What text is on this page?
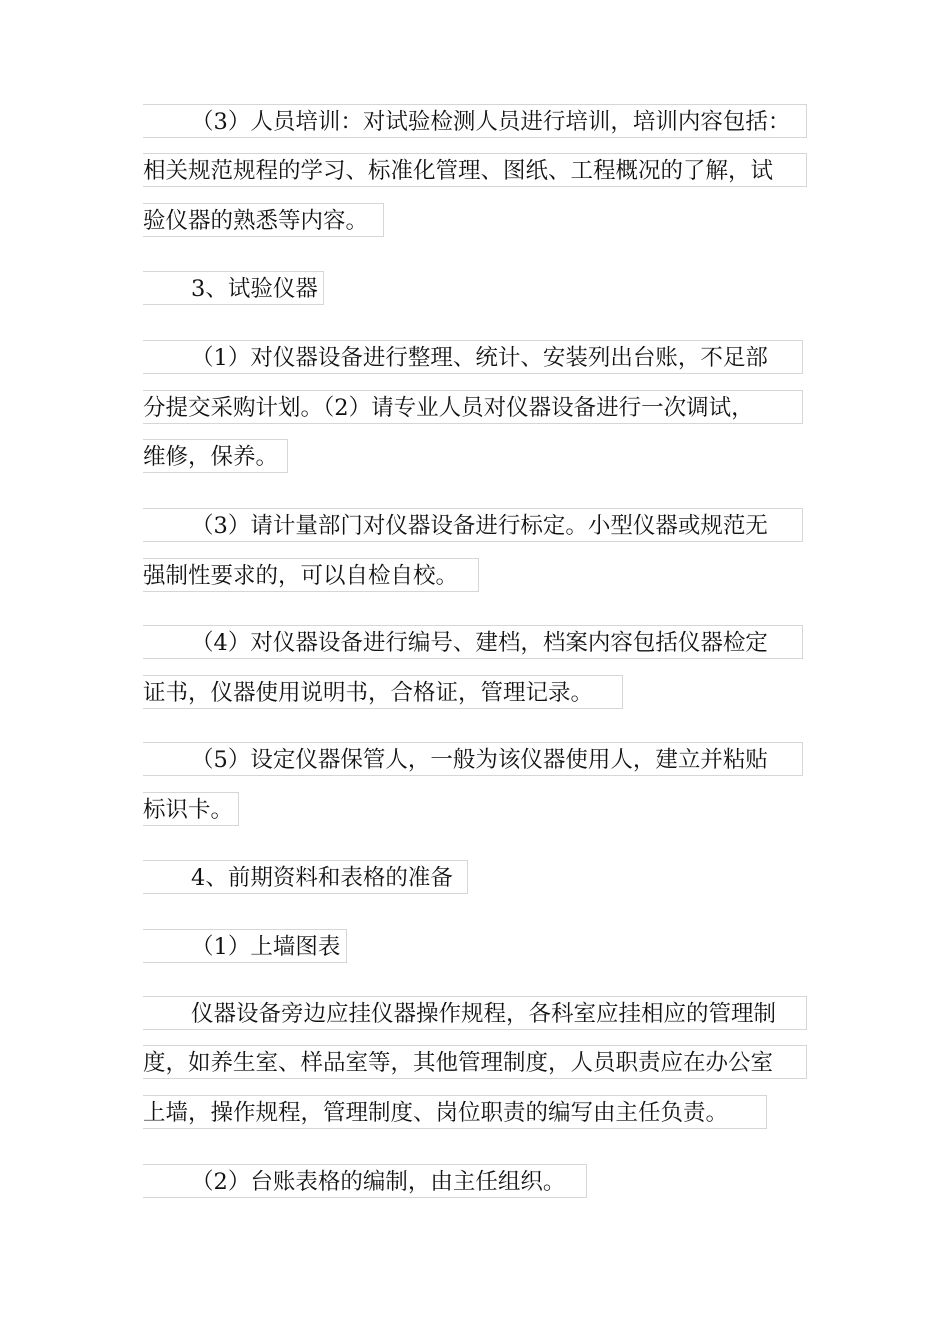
（3）人员培训：对试验检测人员进行培训，培训内容包括：
相关规范规程的学习、标准化管理、图纸、工程概况的了解，试
验仪器的熟悉等内容。
3、试验仪器
（1）对仪器设备进行整理、统计、安装列出台账，不足部
分提交采购计划。（2）请专业人员对仪器设备进行一次调试，
维修，保养。
（3）请计量部门对仪器设备进行标定。小型仪器或规范无
强制性要求的，可以自检自校。
（4）对仪器设备进行编号、建档，档案内容包括仪器检定
证书，仪器使用说明书，合格证，管理记录。
（5）设定仪器保管人，一般为该仪器使用人，建立并粘贴
标识卡。
4、前期资料和表格的准备
（1）上墙图表
仪器设备旁边应挂仪器操作规程，各科室应挂相应的管理制
度，如养生室、样品室等，其他管理制度，人员职责应在办公室
上墙，操作规程，管理制度、岗位职责的编写由主任负责。
（2）台账表格的编制，由主任组织。
